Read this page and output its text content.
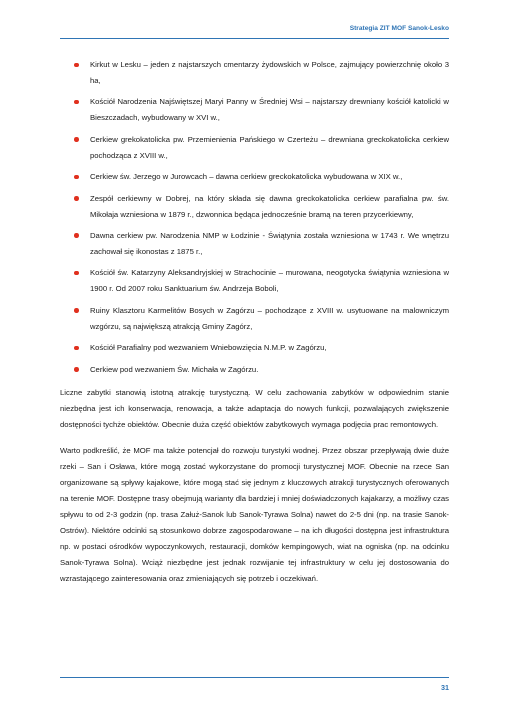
Strategia ZIT MOF Sanok-Lesko
Kirkut w Lesku – jeden z najstarszych cmentarzy żydowskich w Polsce, zajmujący powierzchnię około 3 ha,
Kościół Narodzenia Najświętszej Maryi Panny w Średniej Wsi – najstarszy drewniany kościół katolicki w Bieszczadach, wybudowany w XVI w.,
Cerkiew grekokatolicka pw. Przemienienia Pańskiego w Czerteżu – drewniana greckokatolicka cerkiew pochodząca z XVIII w.,
Cerkiew św. Jerzego w Jurowcach – dawna cerkiew greckokatolicka wybudowana w XIX w.,
Zespół cerkiewny w Dobrej, na który składa się dawna greckokatolicka cerkiew parafialna pw. św. Mikołaja wzniesiona w 1879 r., dzwonnica będąca jednocześnie bramą na teren przycerkiewny,
Dawna cerkiew pw. Narodzenia NMP w Łodzinie - Świątynia została wzniesiona w 1743 r. We wnętrzu zachował się ikonostas z 1875 r.,
Kościół św. Katarzyny Aleksandryjskiej w Strachocinie – murowana, neogotycka świątynia wzniesiona w 1900 r. Od 2007 roku Sanktuarium św. Andrzeja Boboli,
Ruiny Klasztoru Karmelitów Bosych w Zagórzu – pochodzące z XVIII w. usytuowane na malowniczym wzgórzu, są największą atrakcją Gminy Zagórz,
Kościół Parafialny pod wezwaniem Wniebowzięcia N.M.P. w Zagórzu,
Cerkiew pod wezwaniem Św. Michała w Zagórzu.

Liczne zabytki stanowią istotną atrakcję turystyczną. W celu zachowania zabytków w odpowiednim stanie niezbędna jest ich konserwacja, renowacja, a także adaptacja do nowych funkcji, pozwalających zwiększenie dostępności tychże obiektów. Obecnie duża część obiektów zabytkowych wymaga podjęcia prac remontowych.

Warto podkreślić, że MOF ma także potencjał do rozwoju turystyki wodnej. Przez obszar przepływają dwie duże rzeki – San i Osława, które mogą zostać wykorzystane do promocji turystycznej MOF. Obecnie na rzece San organizowane są spływy kajakowe, które mogą stać się jednym z kluczowych atrakcji turystycznych oferowanych na terenie MOF. Dostępne trasy obejmują warianty dla bardziej i mniej doświadczonych kajakarzy, a możliwy czas spływu to od 2-3 godzin (np. trasa Załuż-Sanok lub Sanok-Tyrawa Solna) nawet do 2-5 dni (np. na trasie Sanok-Ostrów). Niektóre odcinki są stosunkowo dobrze zagospodarowane – na ich długości dostępna jest infrastruktura np. w postaci ośrodków wypoczynkowych, restauracji, domków kempingowych, wiat na ogniska (np. na odcinku Sanok-Tyrawa Solna). Wciąż niezbędne jest jednak rozwijanie tej infrastruktury w celu jej dostosowania do wzrastającego zainteresowania oraz zmieniających się potrzeb i oczekiwań.

31
